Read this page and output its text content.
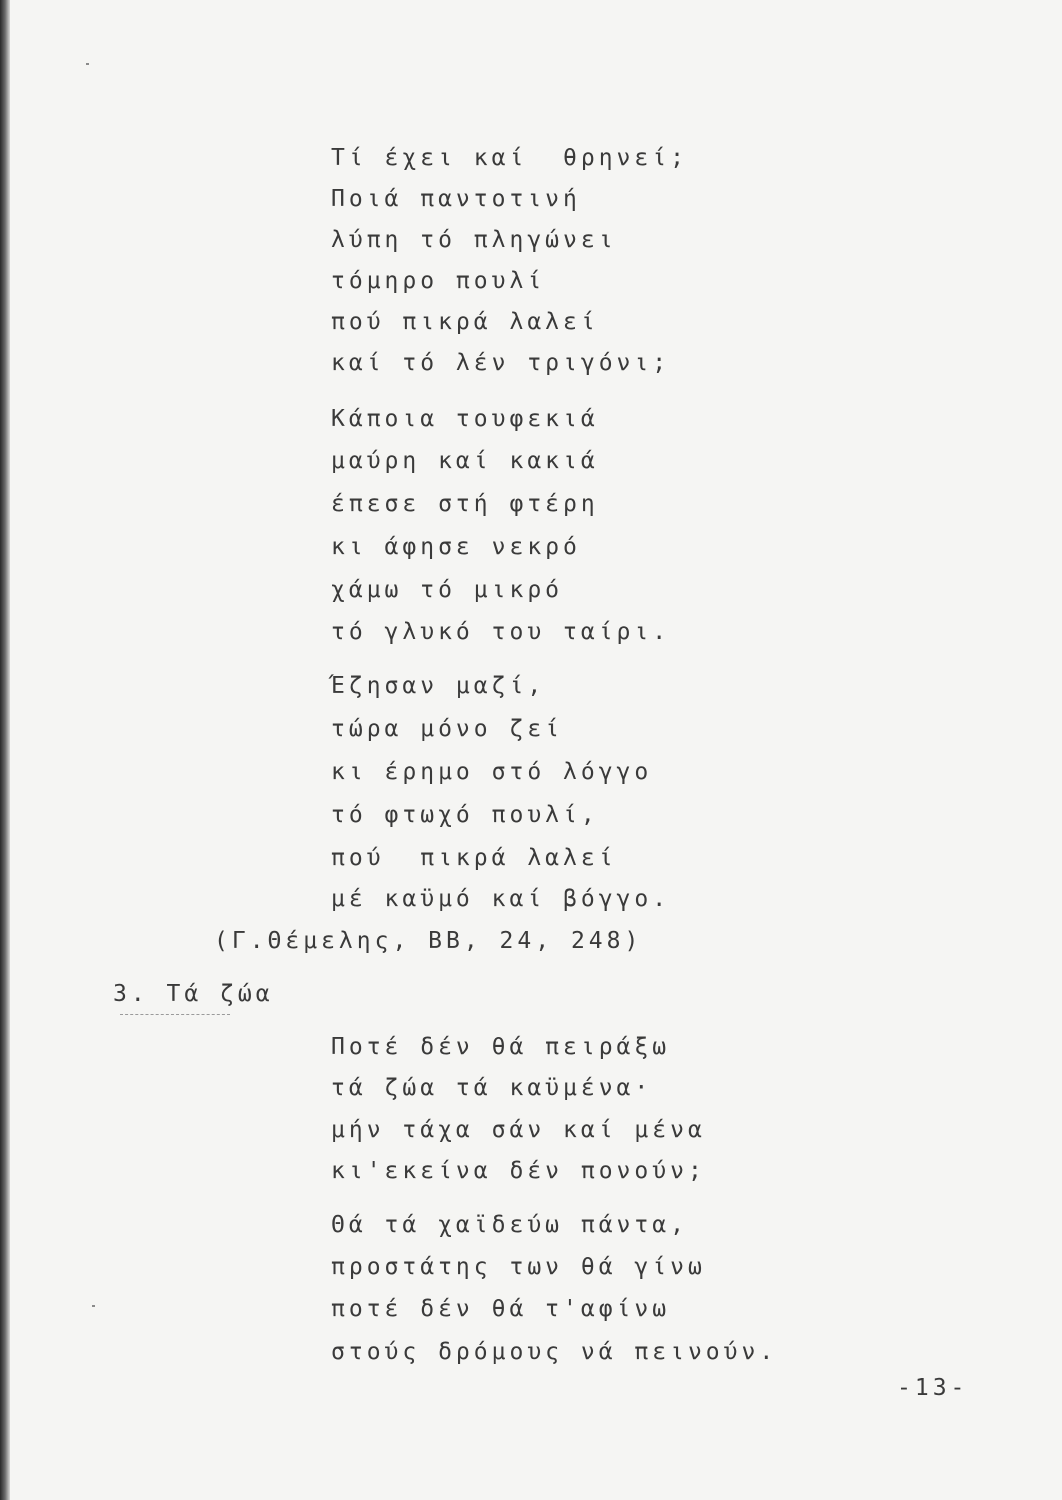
Τί έχει καί  θρηνεί;
Ποιά παντοτινή
λύπη τό πληγώνει
τόμηρο πουλί
πού πικρά λαλεί
καί τό λέν τριγόνι;
Κάποια τουφεκιά
μαύρη καί κακιά
έπεσε στή φτέρη
κι άφησε νεκρό
χάμω τό μικρό
τό γλυκό του ταίρι.
Έζησαν μαζί,
τώρα μόνο ζεί
κι έρημο στό λόγγο
τό φτωχό πουλί,
πού  πικρά λαλεί
μέ καϋμό καί βόγγο.
(Γ.Θέμελης, ΒΒ, 24, 248)
3. Τά ζώα
Ποτέ δέν θά πειράξω
τά ζώα τά καϋμένα·
μήν τάχα σάν καί μένα
κι'εκείνα δέν πονούν;
Θά τά χαϊδεύω πάντα,
προστάτης των θά γίνω
ποτέ δέν θά τ'αφίνω
στούς δρόμους νά πεινούν.
-13-
